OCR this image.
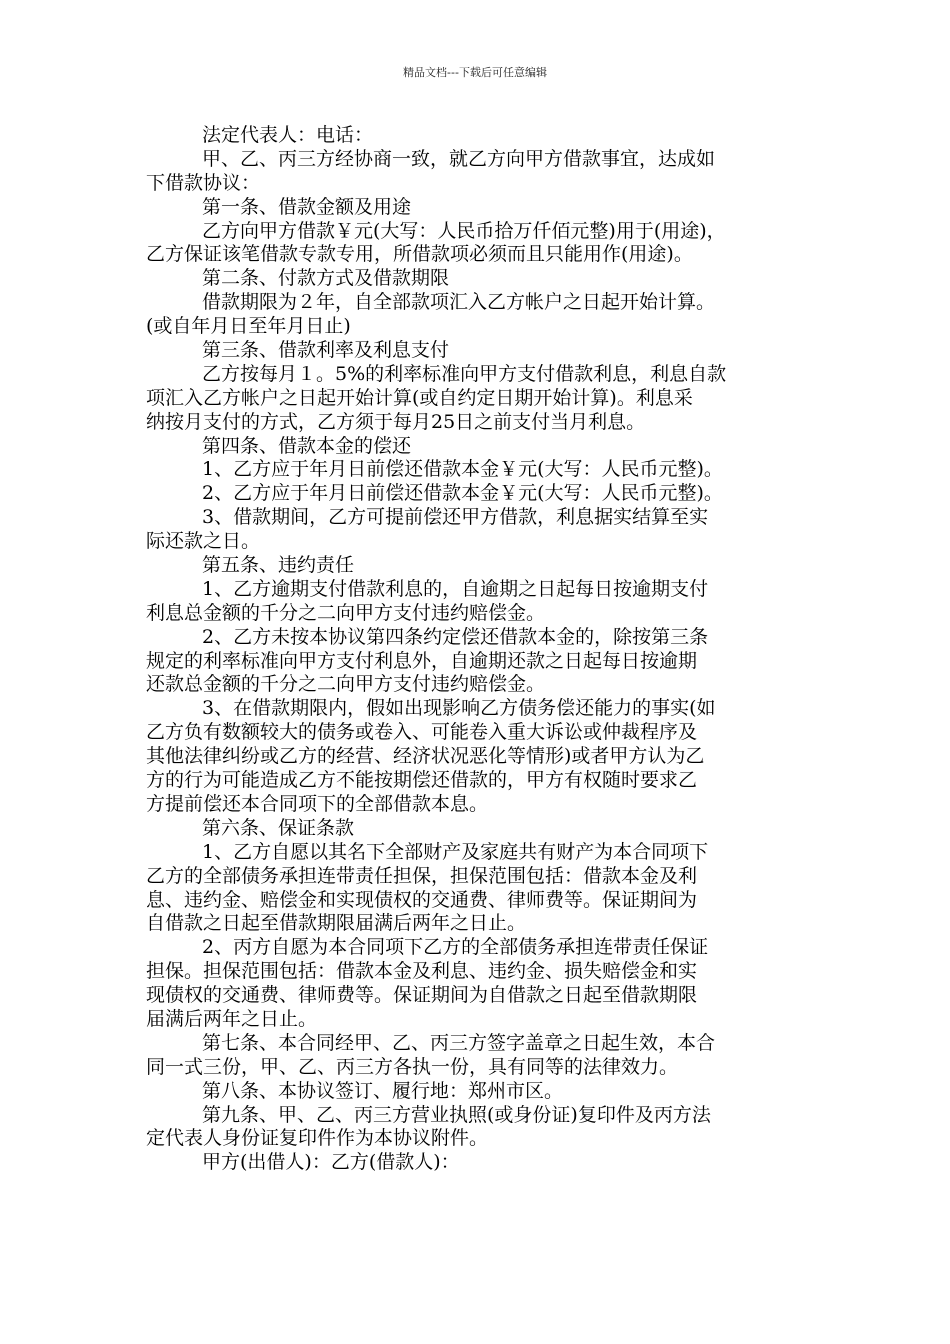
精品文档---下载后可任意编辑
法定代表人：电话：
甲、乙、丙三方经协商一致，就乙方向甲方借款事宜，达成如
下借款协议：
第一条、借款金额及用途
乙方向甲方借款￥元(大写：人民币拾万仟佰元整)用于(用途)，
乙方保证该笔借款专款专用，所借款项必须而且只能用作(用途)。
第二条、付款方式及借款期限
借款期限为２年，自全部款项汇入乙方帐户之日起开始计算。
(或自年月日至年月日止)
第三条、借款利率及利息支付
乙方按每月１。5%的利率标准向甲方支付借款利息，利息自款
项汇入乙方帐户之日起开始计算(或自约定日期开始计算)。利息采
纳按月支付的方式，乙方须于每月25日之前支付当月利息。
第四条、借款本金的偿还
1、乙方应于年月日前偿还借款本金￥元(大写：人民币元整)。
2、乙方应于年月日前偿还借款本金￥元(大写：人民币元整)。
3、借款期间，乙方可提前偿还甲方借款，利息据实结算至实
际还款之日。
第五条、违约责任
1、乙方逾期支付借款利息的，自逾期之日起每日按逾期支付
利息总金额的千分之二向甲方支付违约赔偿金。
2、乙方未按本协议第四条约定偿还借款本金的，除按第三条
规定的利率标准向甲方支付利息外，自逾期还款之日起每日按逾期
还款总金额的千分之二向甲方支付违约赔偿金。
3、在借款期限内，假如出现影响乙方债务偿还能力的事实(如
乙方负有数额较大的债务或卷入、可能卷入重大诉讼或仲裁程序及
其他法律纠纷或乙方的经营、经济状况恶化等情形)或者甲方认为乙
方的行为可能造成乙方不能按期偿还借款的，甲方有权随时要求乙
方提前偿还本合同项下的全部借款本息。
第六条、保证条款
1、乙方自愿以其名下全部财产及家庭共有财产为本合同项下
乙方的全部债务承担连带责任担保，担保范围包括：借款本金及利
息、违约金、赔偿金和实现债权的交通费、律师费等。保证期间为
自借款之日起至借款期限届满后两年之日止。
2、丙方自愿为本合同项下乙方的全部债务承担连带责任保证
担保。担保范围包括：借款本金及利息、违约金、损失赔偿金和实
现债权的交通费、律师费等。保证期间为自借款之日起至借款期限
届满后两年之日止。
第七条、本合同经甲、乙、丙三方签字盖章之日起生效，本合
同一式三份，甲、乙、丙三方各执一份，具有同等的法律效力。
第八条、本协议签订、履行地：郑州市区。
第九条、甲、乙、丙三方营业执照(或身份证)复印件及丙方法
定代表人身份证复印件作为本协议附件。
甲方(出借人)：乙方(借款人)：
